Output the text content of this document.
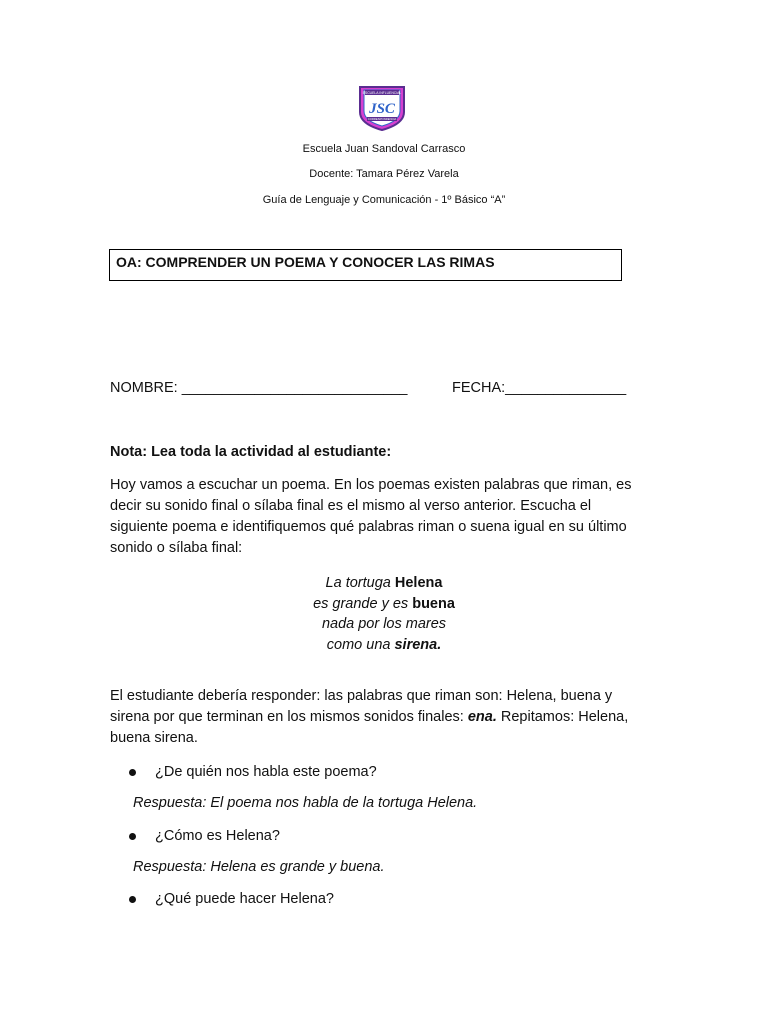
ESCUELA INFLUENCIAL
JSC
CORRESPONDENCIA
Escuela Juan Sandoval Carrasco
Docente: Tamara Pérez Varela
Guía de Lenguaje y Comunicación - 1º Básico “A”
OA: COMPRENDER UN POEMA Y CONOCER LAS RIMAS
NOMBRE: ____________________________	FECHA:_______________
Nota: Lea toda la actividad al estudiante:
Hoy vamos a escuchar un poema. En los poemas existen palabras que riman, es decir su sonido final o sílaba final es el mismo al verso anterior. Escucha el siguiente poema e identifiquemos qué palabras riman o suena igual en su último sonido o sílaba final:
La tortuga Helena
es grande y es buena
nada por los mares
como una sirena.
El estudiante debería responder: las palabras que riman son: Helena, buena y sirena por que terminan en los mismos sonidos finales: ena. Repitamos: Helena, buena sirena.
¿De quién nos habla este poema?
Respuesta: El poema nos habla de la tortuga Helena.
¿Cómo es Helena?
Respuesta: Helena es grande y buena.
¿Qué puede hacer Helena?
